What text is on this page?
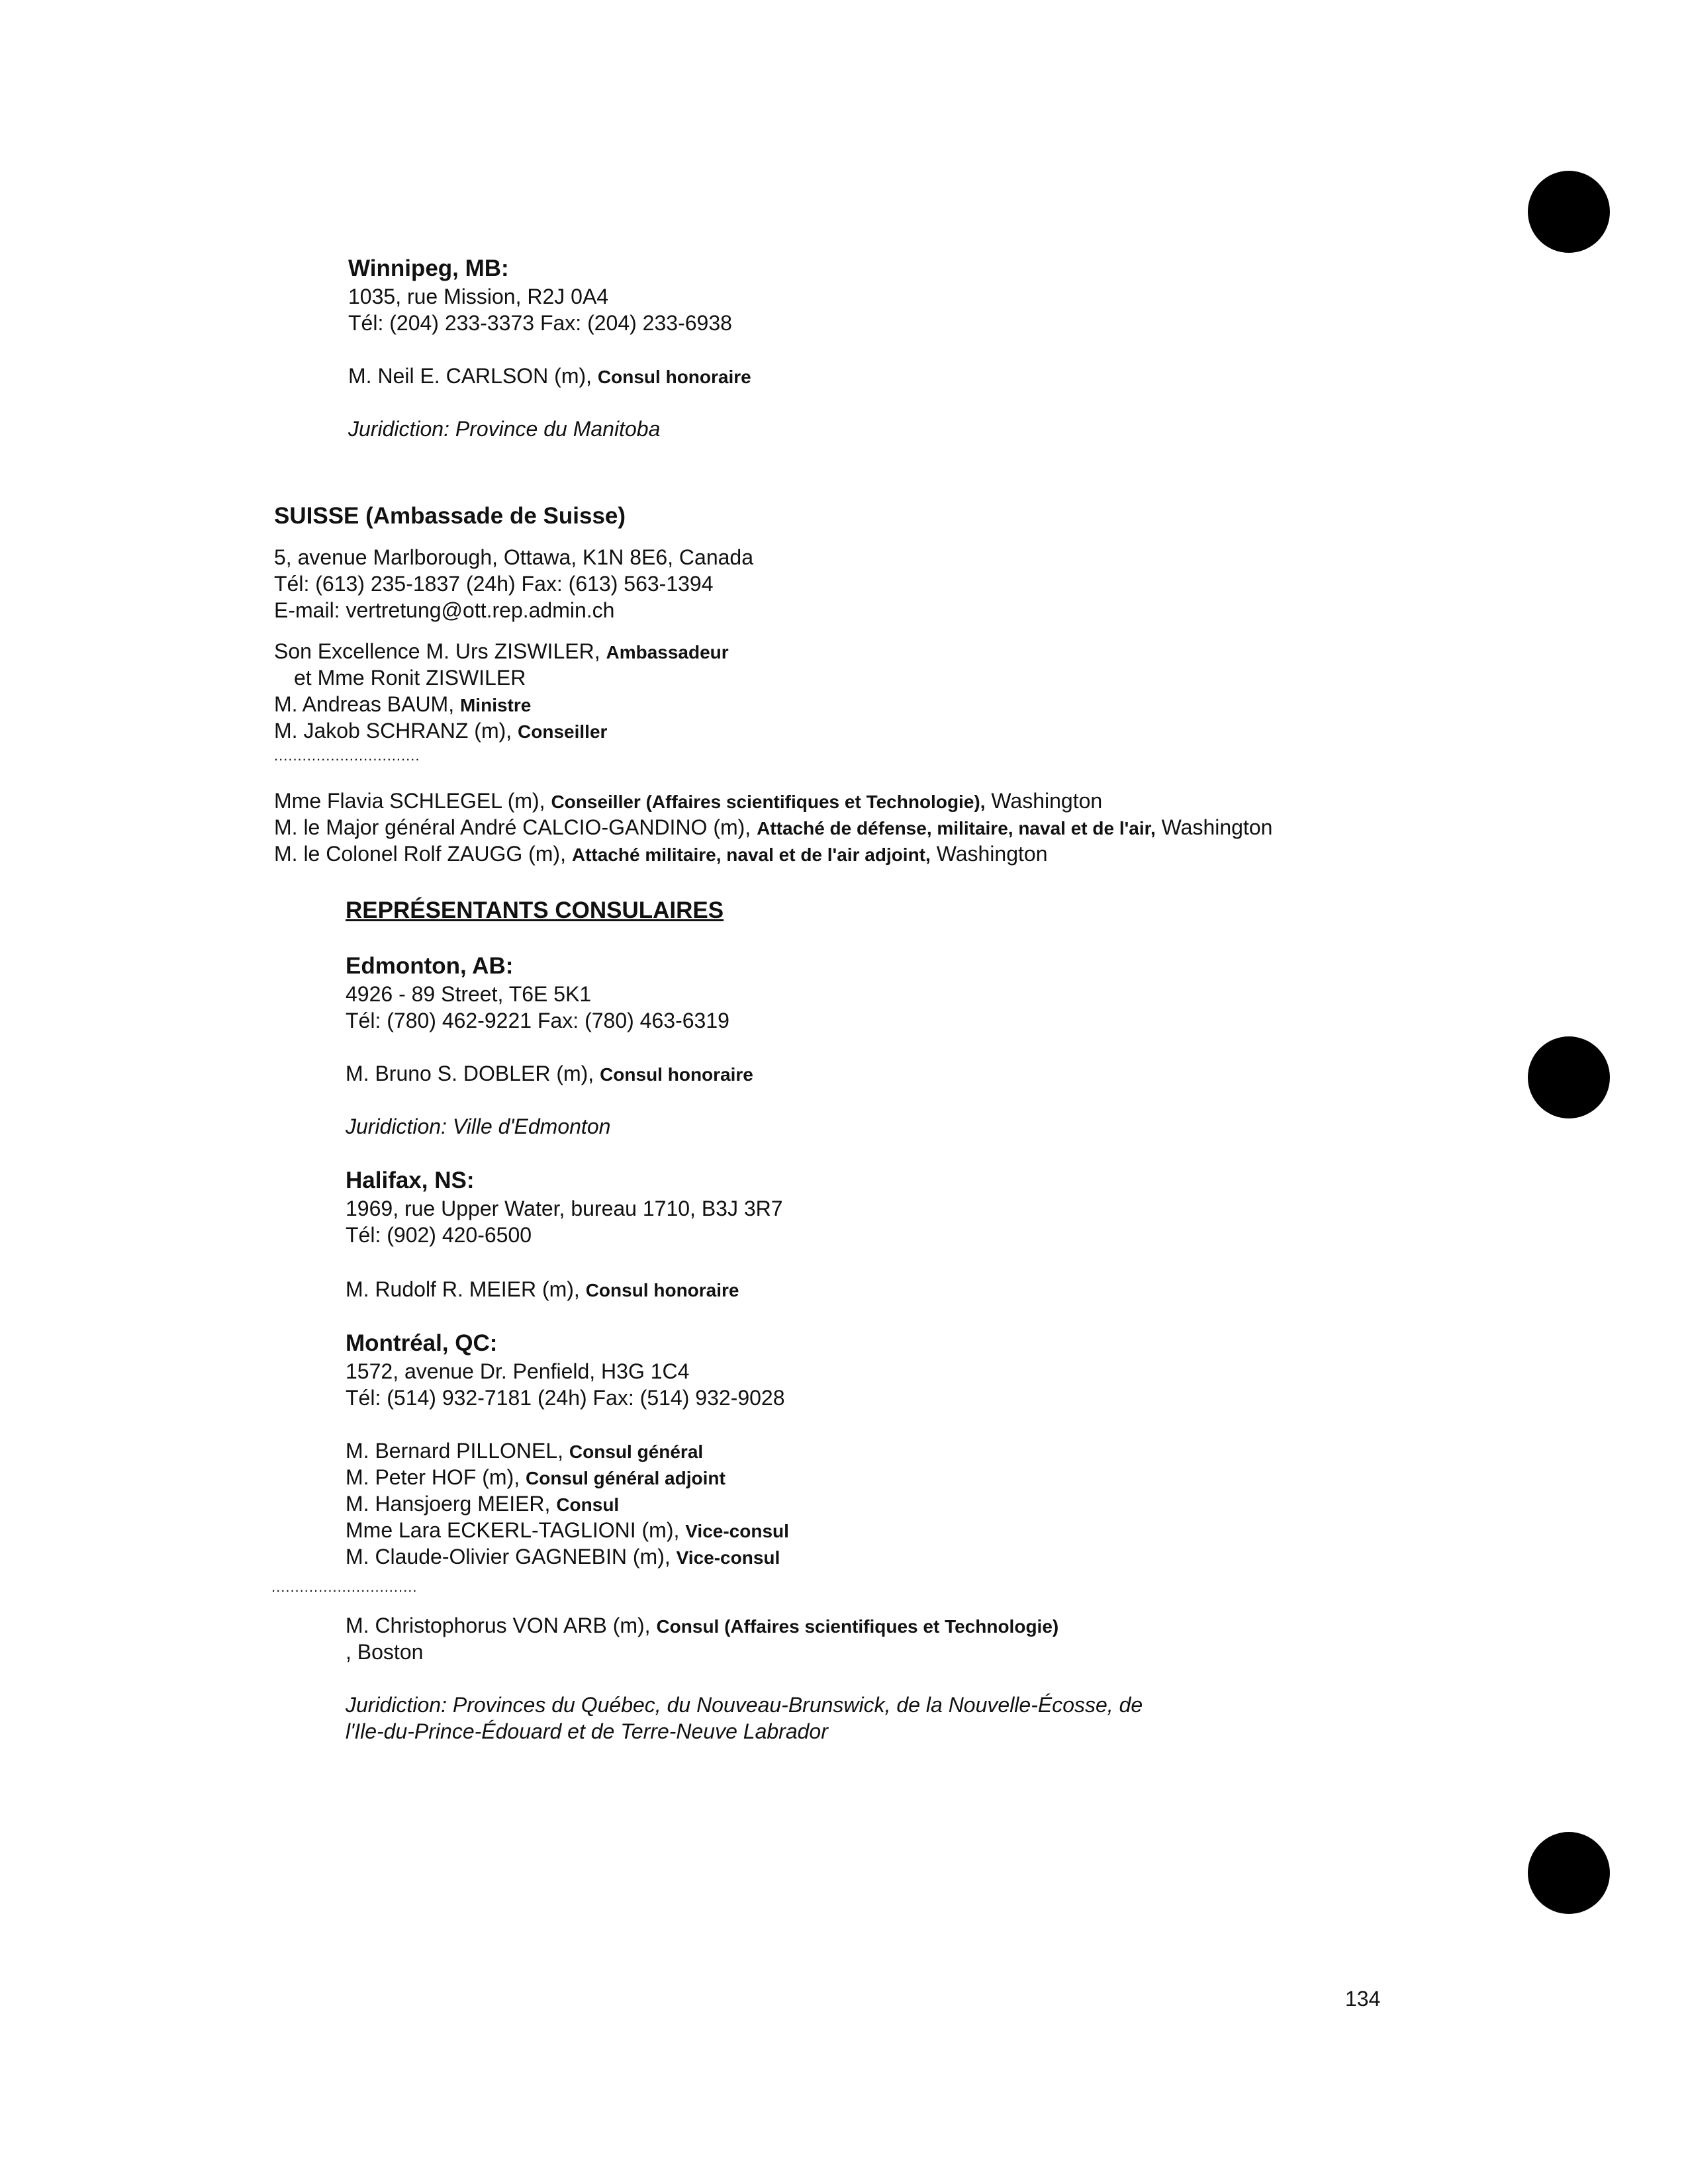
Winnipeg, MB:
1035, rue Mission, R2J 0A4
Tél: (204) 233-3373 Fax: (204) 233-6938
M. Neil E. CARLSON (m), Consul honoraire
Juridiction: Province du Manitoba
SUISSE (Ambassade de Suisse)
5, avenue Marlborough, Ottawa, K1N 8E6, Canada
Tél: (613) 235-1837 (24h) Fax: (613) 563-1394
E-mail: vertretung@ott.rep.admin.ch
Son Excellence M. Urs ZISWILER, Ambassadeur
et Mme Ronit ZISWILER
M. Andreas BAUM, Ministre
M. Jakob SCHRANZ (m), Conseiller
...............................
Mme Flavia SCHLEGEL (m), Conseiller (Affaires scientifiques et Technologie), Washington
M. le Major général André CALCIO-GANDINO (m), Attaché de défense, militaire, naval et de l'air, Washington
M. le Colonel Rolf ZAUGG (m), Attaché militaire, naval et de l'air adjoint, Washington
REPRÉSENTANTS CONSULAIRES
Edmonton, AB:
4926 - 89 Street, T6E 5K1
Tél: (780) 462-9221 Fax: (780) 463-6319
M. Bruno S. DOBLER (m), Consul honoraire
Juridiction: Ville d'Edmonton
Halifax, NS:
1969, rue Upper Water, bureau 1710, B3J 3R7
Tél: (902) 420-6500
M. Rudolf R. MEIER (m), Consul honoraire
Montréal, QC:
1572, avenue Dr. Penfield, H3G 1C4
Tél: (514) 932-7181 (24h) Fax: (514) 932-9028
M. Bernard PILLONEL, Consul général
M. Peter HOF (m), Consul général adjoint
M. Hansjoerg MEIER, Consul
Mme Lara ECKERL-TAGLIONI (m), Vice-consul
M. Claude-Olivier GAGNEBIN (m), Vice-consul
...............................
M. Christophorus VON ARB (m), Consul (Affaires scientifiques et Technologie)
, Boston
Juridiction: Provinces du Québec, du Nouveau-Brunswick, de la Nouvelle-Écosse, de
l'Ile-du-Prince-Édouard et de Terre-Neuve Labrador
134
